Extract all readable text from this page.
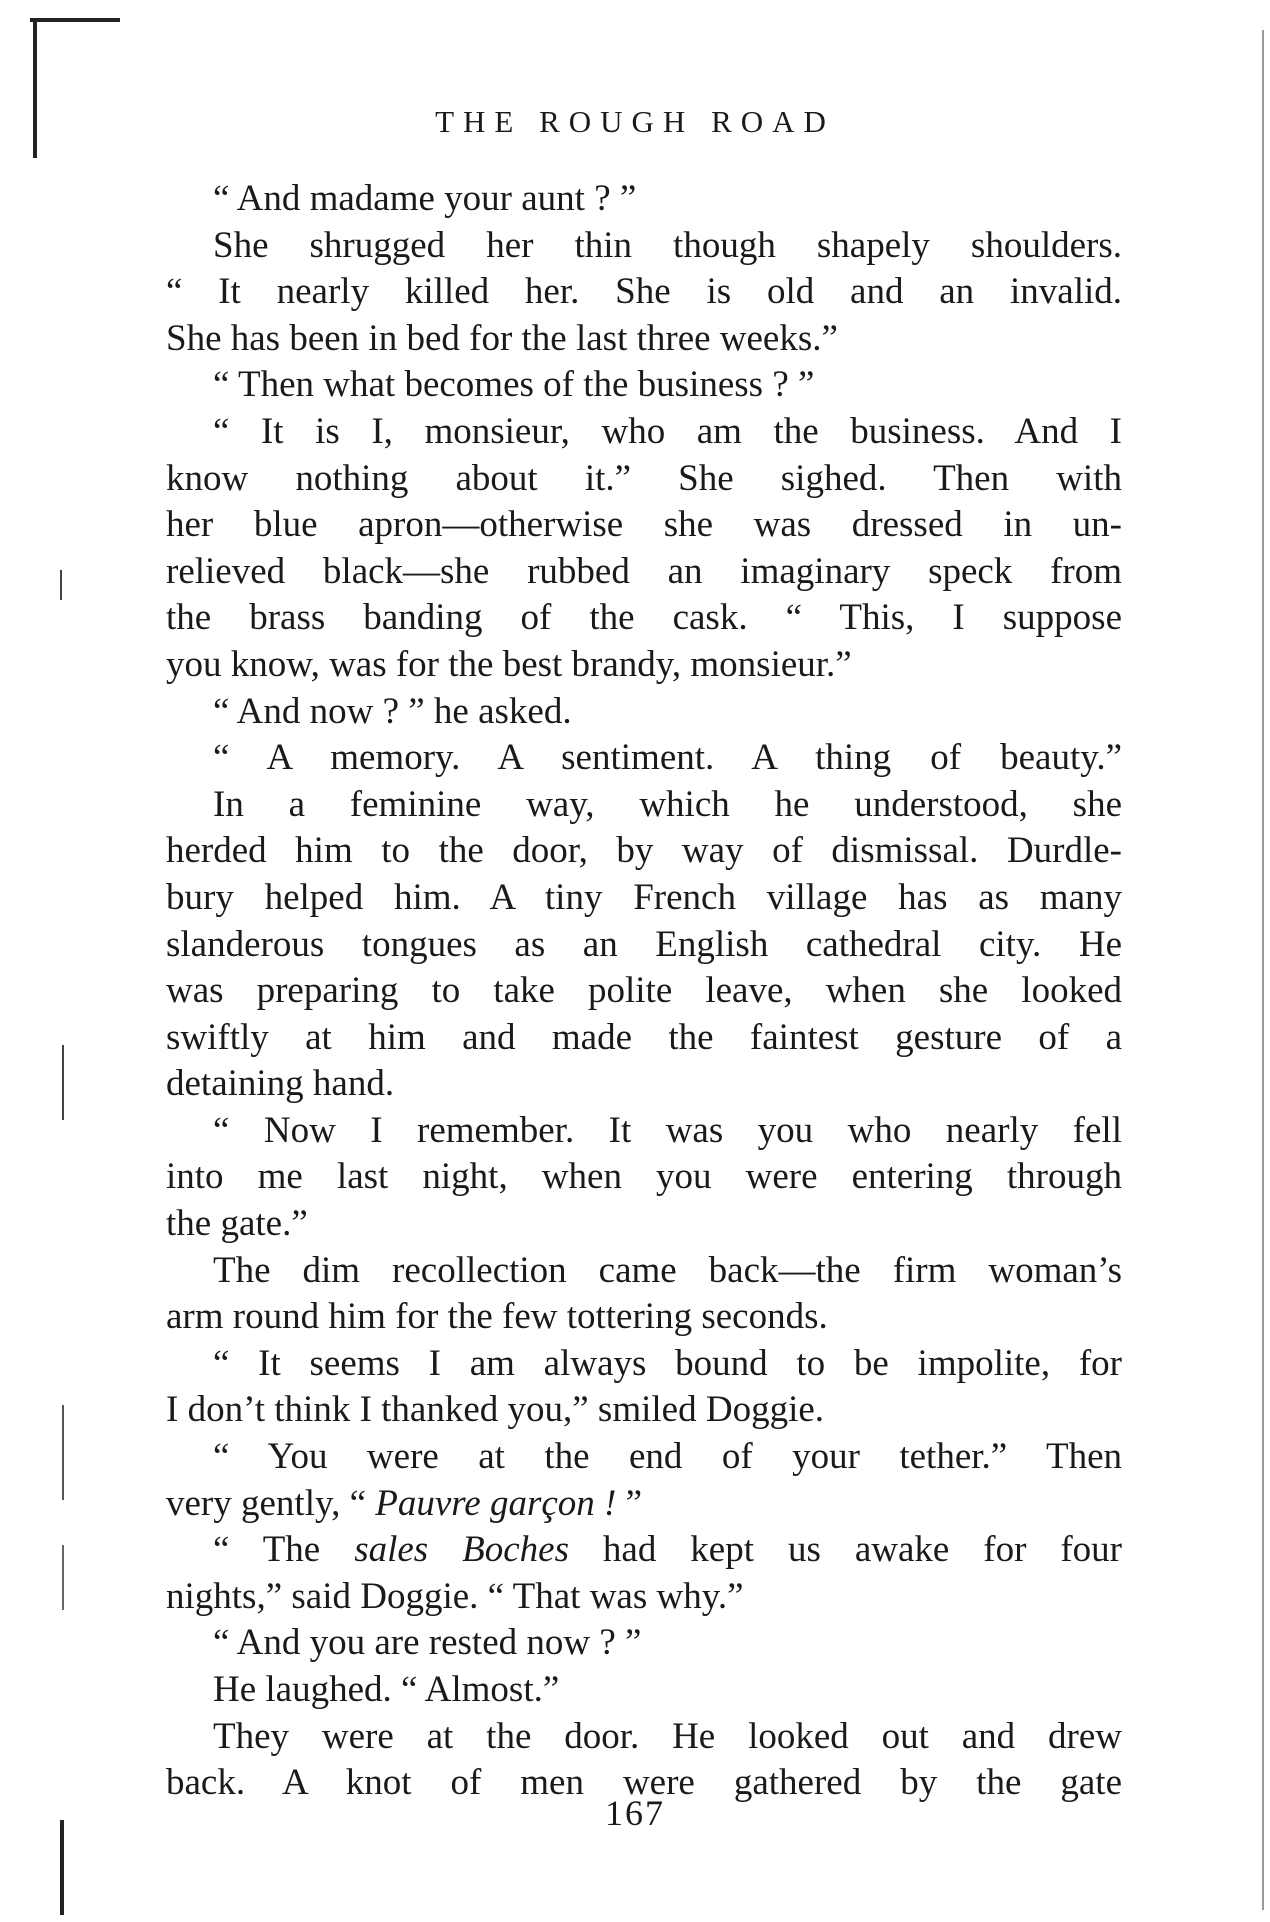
THE ROUGH ROAD
“ And madame your aunt ? ”
She shrugged her thin though shapely shoulders.
“ It nearly killed her. She is old and an invalid.
She has been in bed for the last three weeks.”
“ Then what becomes of the business ? ”
“ It is I, monsieur, who am the business. And I
know nothing about it.” She sighed. Then with
her blue apron—otherwise she was dressed in un-
relieved black—she rubbed an imaginary speck from
the brass banding of the cask. “ This, I suppose
you know, was for the best brandy, monsieur.”
“ And now ? ” he asked.
“ A memory. A sentiment. A thing of beauty.”
In a feminine way, which he understood, she
herded him to the door, by way of dismissal. Durdle-
bury helped him. A tiny French village has as many
slanderous tongues as an English cathedral city. He
was preparing to take polite leave, when she looked
swiftly at him and made the faintest gesture of a
detaining hand.
“ Now I remember. It was you who nearly fell
into me last night, when you were entering through
the gate.”
The dim recollection came back—the firm woman’s
arm round him for the few tottering seconds.
“ It seems I am always bound to be impolite, for
I don’t think I thanked you,” smiled Doggie.
“ You were at the end of your tether.” Then
very gently, “ Pauvre garçon ! ”
“ The sales Boches had kept us awake for four
nights,” said Doggie. “ That was why.”
“ And you are rested now ? ”
He laughed. “ Almost.”
They were at the door. He looked out and drew
back. A knot of men were gathered by the gate
167
